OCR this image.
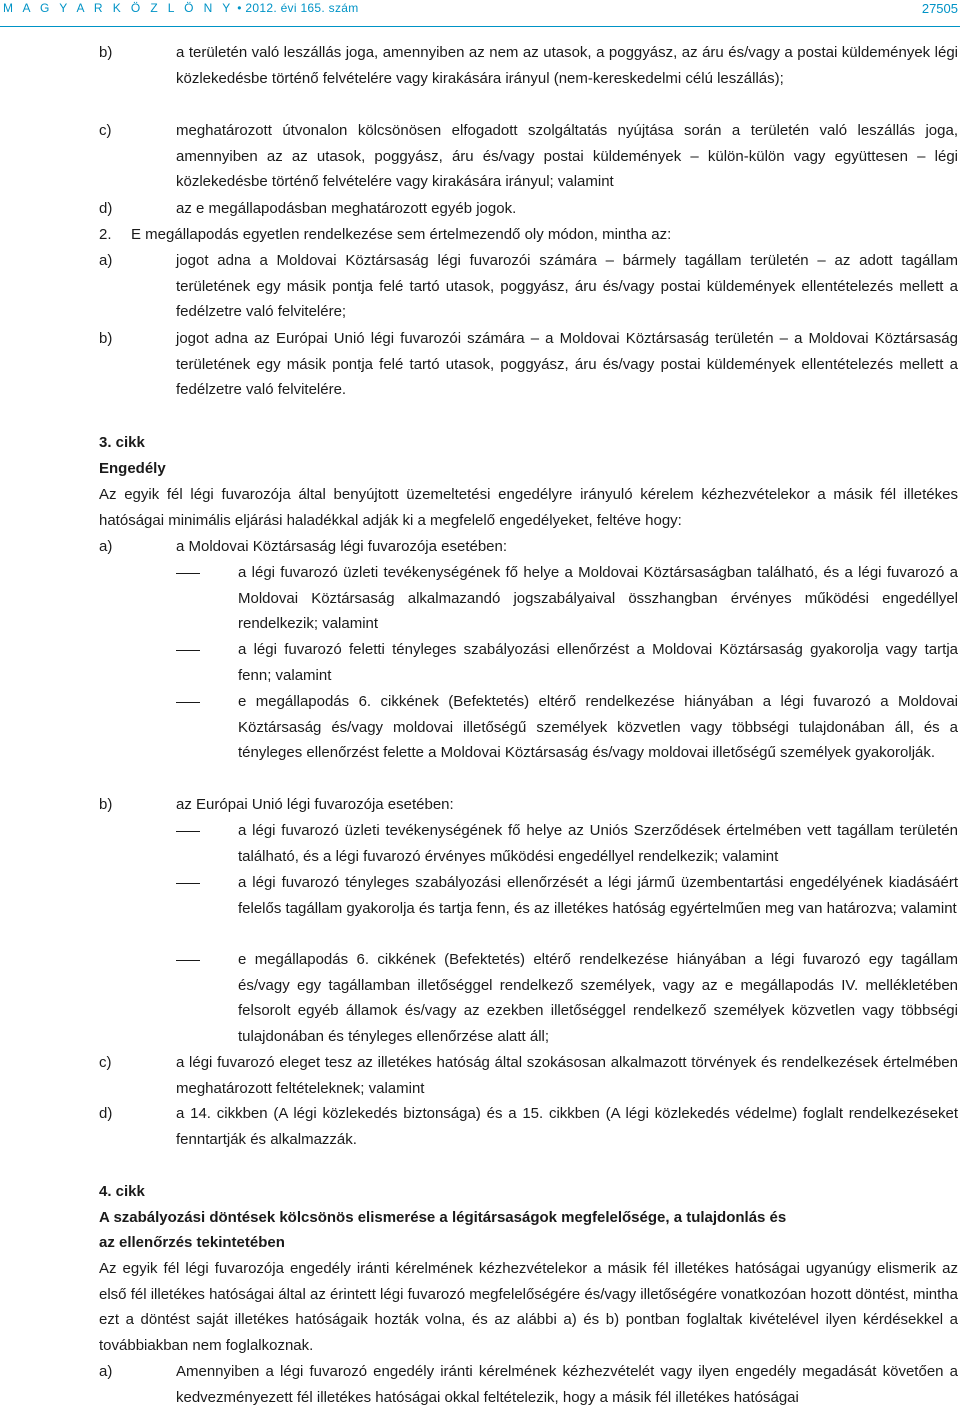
M A G Y A R K Ö Z L Ö N Y • 2012. évi 165. szám	27505
b)	a területén való leszállás joga, amennyiben az nem az utasok, a poggyász, az áru és/vagy a postai küldemények légi közlekedésbe történő felvételére vagy kirakására irányul (nem-kereskedelmi célú leszállás);
c)	meghatározott útvonalon kölcsönösen elfogadott szolgáltatás nyújtása során a területén való leszállás joga, amennyiben az az utasok, poggyász, áru és/vagy postai küldemények – külön-külön vagy együttesen – légi közlekedésbe történő felvételére vagy kirakására irányul; valamint
d)	az e megállapodásban meghatározott egyéb jogok.
2. E megállapodás egyetlen rendelkezése sem értelmezendő oly módon, mintha az:
a)	jogot adna a Moldovai Köztársaság légi fuvarozói számára – bármely tagállam területén – az adott tagállam területének egy másik pontja felé tartó utasok, poggyász, áru és/vagy postai küldemények ellentételezés mellett a fedélzetre való felvitelére;
b)	jogot adna az Európai Unió légi fuvarozói számára – a Moldovai Köztársaság területén – a Moldovai Köztársaság területének egy másik pontja felé tartó utasok, poggyász, áru és/vagy postai küldemények ellentételezés mellett a fedélzetre való felvitelére.
3. cikk
Engedély
Az egyik fél légi fuvarozója által benyújtott üzemeltetési engedélyre irányuló kérelem kézhezvételekor a másik fél illetékes hatóságai minimális eljárási haladékkal adják ki a megfelelő engedélyeket, feltéve hogy:
a)	a Moldovai Köztársaság légi fuvarozója esetében:
a légi fuvarozó üzleti tevékenységének fő helye a Moldovai Köztársaságban található, és a légi fuvarozó a Moldovai Köztársaság alkalmazandó jogszabályaival összhangban érvényes működési engedéllyel rendelkezik; valamint
a légi fuvarozó feletti tényleges szabályozási ellenőrzést a Moldovai Köztársaság gyakorolja vagy tartja fenn; valamint
e megállapodás 6. cikkének (Befektetés) eltérő rendelkezése hiányában a légi fuvarozó a Moldovai Köztársaság és/vagy moldovai illetőségű személyek közvetlen vagy többségi tulajdonában áll, és a tényleges ellenőrzést felette a Moldovai Köztársaság és/vagy moldovai illetőségű személyek gyakorolják.
b)	az Európai Unió légi fuvarozója esetében:
a légi fuvarozó üzleti tevékenységének fő helye az Uniós Szerződések értelmében vett tagállam területén található, és a légi fuvarozó érvényes működési engedéllyel rendelkezik; valamint
a légi fuvarozó tényleges szabályozási ellenőrzését a légi jármű üzembentartási engedélyének kiadásáért felelős tagállam gyakorolja és tartja fenn, és az illetékes hatóság egyértelműen meg van határozva; valamint
e megállapodás 6. cikkének (Befektetés) eltérő rendelkezése hiányában a légi fuvarozó egy tagállam és/vagy egy tagállamban illetőséggel rendelkező személyek, vagy az e megállapodás IV. mellékletében felsorolt egyéb államok és/vagy az ezekben illetőséggel rendelkező személyek közvetlen vagy többségi tulajdonában és tényleges ellenőrzése alatt áll;
c)	a légi fuvarozó eleget tesz az illetékes hatóság által szokásosan alkalmazott törvények és rendelkezések értelmében meghatározott feltételeknek; valamint
d)	a 14. cikkben (A légi közlekedés biztonsága) és a 15. cikkben (A légi közlekedés védelme) foglalt rendelkezéseket fenntartják és alkalmazzák.
4. cikk
A szabályozási döntések kölcsönös elismerése a légitársaságok megfelelősége, a tulajdonlás és
az ellenőrzés tekintetében
Az egyik fél légi fuvarozója engedély iránti kérelmének kézhezvételekor a másik fél illetékes hatóságai ugyanúgy elismerik az első fél illetékes hatóságai által az érintett légi fuvarozó megfelelőségére és/vagy illetőségére vonatkozóan hozott döntést, mintha ezt a döntést saját illetékes hatóságaik hozták volna, és az alábbi a) és b) pontban foglaltak kivételével ilyen kérdésekkel a továbbiakban nem foglalkoznak.
a)	Amennyiben a légi fuvarozó engedély iránti kérelmének kézhezvételét vagy ilyen engedély megadását követően a kedvezményezett fél illetékes hatóságai okkal feltételezik, hogy a másik fél illetékes hatóságai
